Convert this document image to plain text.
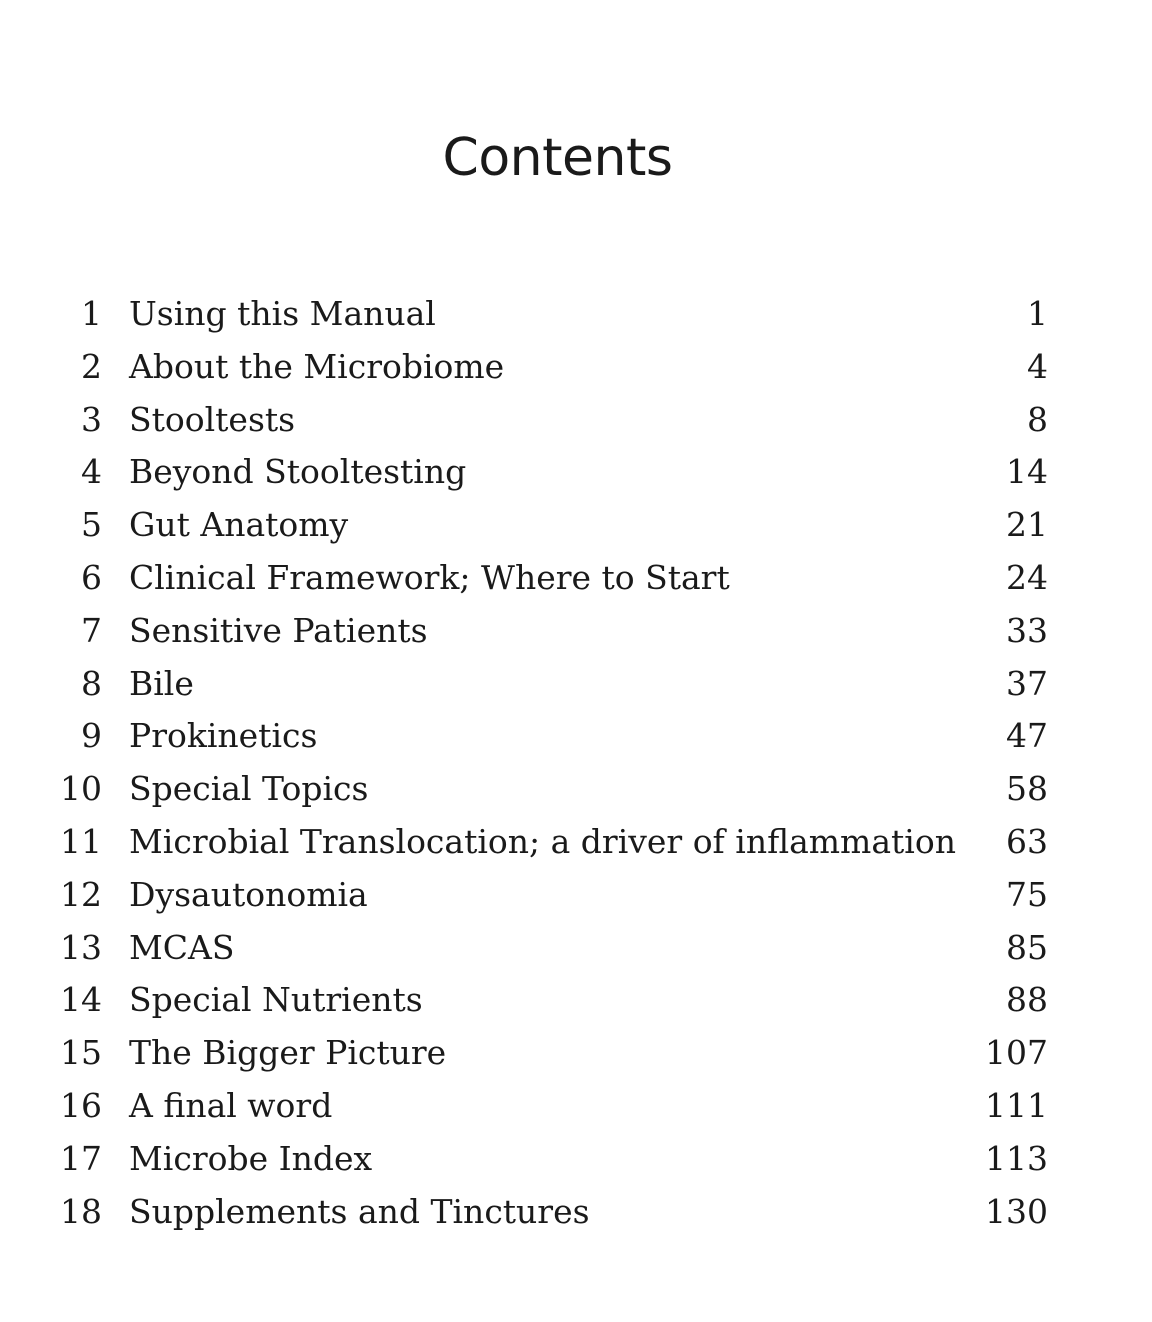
Contents
1 Using this Manual	1
2 About the Microbiome	4
3 Stooltests	8
4 Beyond Stooltesting	14
5 Gut Anatomy	21
6 Clinical Framework; Where to Start	24
7 Sensitive Patients	33
8 Bile	37
9 Prokinetics	47
10 Special Topics	58
11 Microbial Translocation; a driver of inflammation 63
12 Dysautonomia	75
13 MCAS	85
14 Special Nutrients	88
15 The Bigger Picture	107
16 A final word	111
17 Microbe Index	113
18 Supplements and Tinctures	130
